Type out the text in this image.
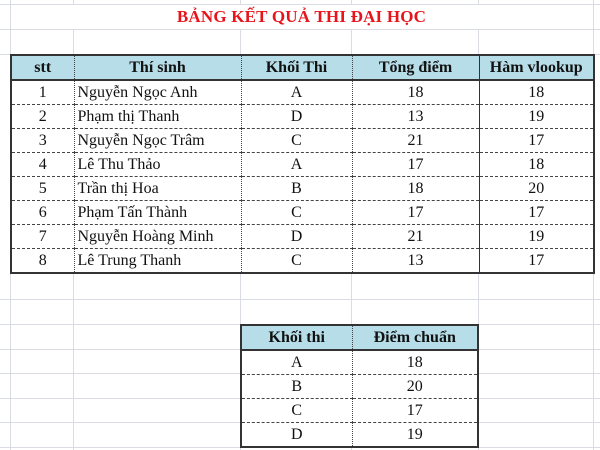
BẢNG KẾT QUẢ THI ĐẠI HỌC
stt	Thí sinh	Khối Thi	Tổng điểm	Hàm vlookup
1	Nguyễn Ngọc Anh	A	18	18
2	Phạm thị Thanh	D	13	19
3	Nguyễn Ngọc Trâm	C	21	17
4	Lê Thu Thảo	A	17	18
5	Trần thị Hoa	B	18	20
6	Phạm Tấn Thành	C	17	17
7	Nguyễn Hoàng Minh	D	21	19
8	Lê Trung Thanh	C	13	17
Khối thi	Điểm chuẩn
A	18
B	20
C	17
D	19
